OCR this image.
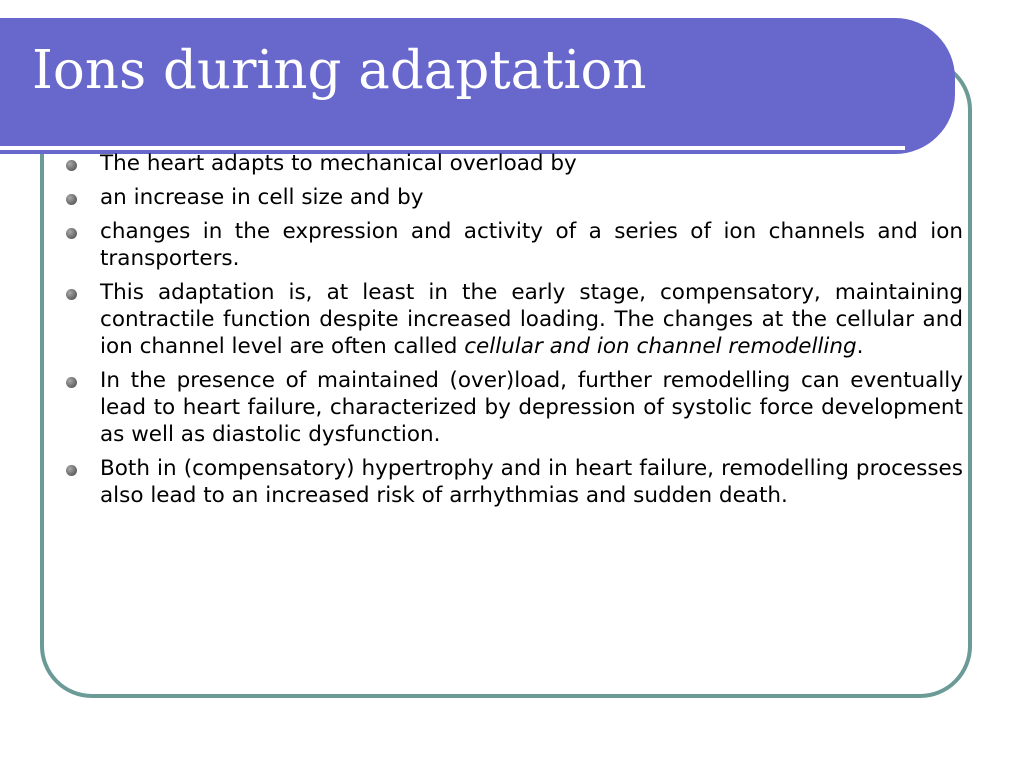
Ions during adaptation
The heart adapts to mechanical overload by
an increase in cell size and by
changes in the expression and activity of a series of ion channels and ion transporters.
This adaptation is, at least in the early stage, compensatory, maintaining contractile function despite increased loading. The changes at the cellular and ion channel level are often called cellular and ion channel remodelling.
In the presence of maintained (over)load, further remodelling can eventually lead to heart failure, characterized by depression of systolic force development as well as diastolic dysfunction.
Both in (compensatory) hypertrophy and in heart failure, remodelling processes also lead to an increased risk of arrhythmias and sudden death.
